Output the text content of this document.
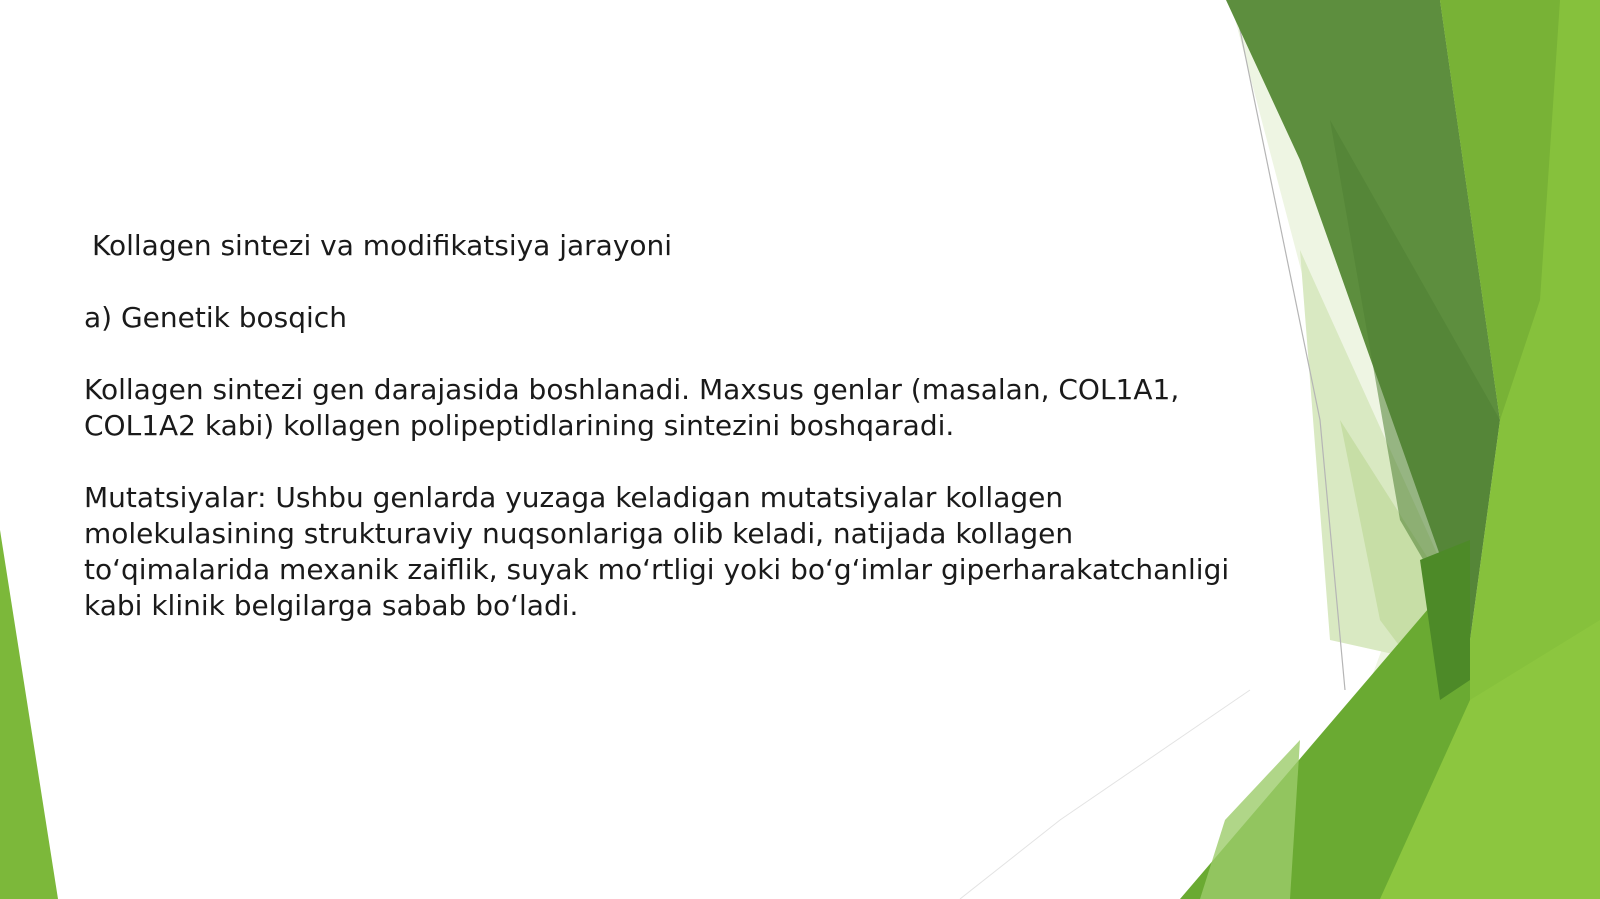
Kollagen sintezi va modifikatsiya jarayoni

a) Genetik bosqich

Kollagen sintezi gen darajasida boshlanadi. Maxsus genlar (masalan, COL1A1, COL1A2 kabi) kollagen polipeptidlarining sintezini boshqaradi.

Mutatsiyalar: Ushbu genlarda yuzaga keladigan mutatsiyalar kollagen molekulasining strukturaviy nuqsonlariga olib keladi, natijada kollagen to‘qimalarida mexanik zaiflik, suyak mo‘rtligi yoki bo‘g‘imlar giperharakatchanligi kabi klinik belgilarga sabab bo‘ladi.
